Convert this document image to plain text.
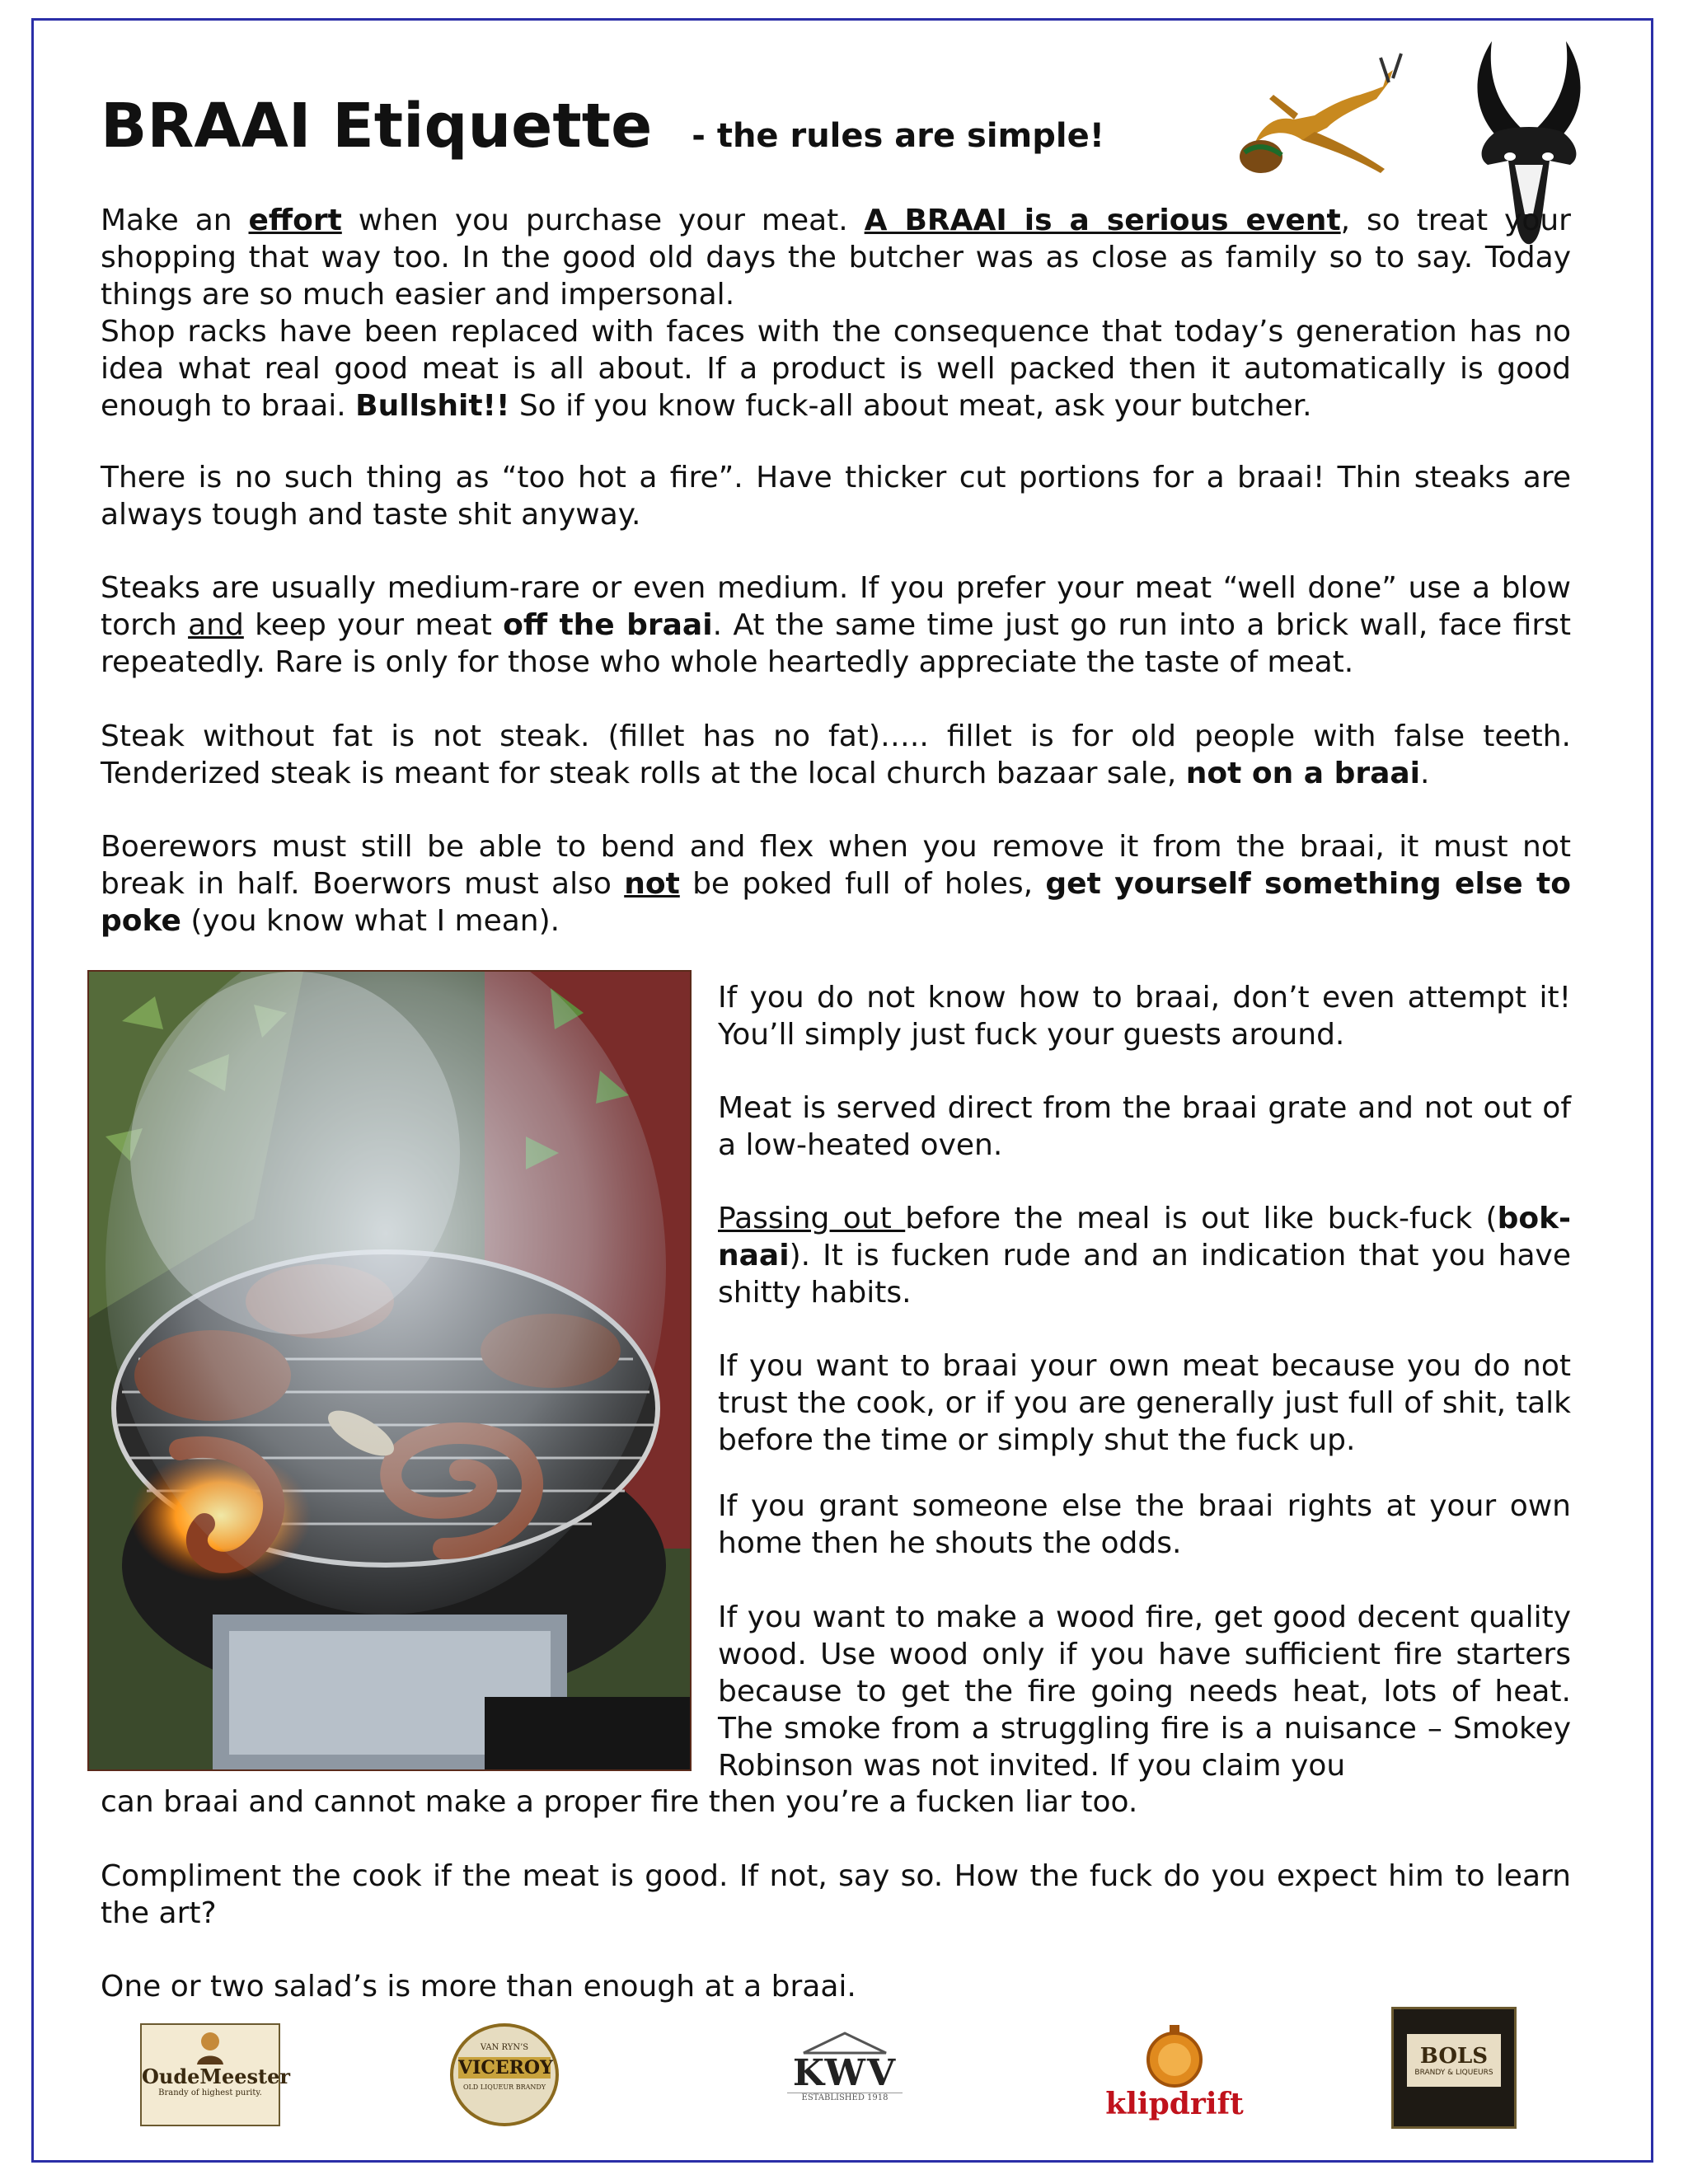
BRAAI Etiquette - the rules are simple!

Make an effort when you purchase your meat. A BRAAI is a serious event, so treat your shopping that way too. In the good old days the butcher was as close as family so to say. Today things are so much easier and impersonal.

Shop racks have been replaced with faces with the consequence that today’s generation has no idea what real good meat is all about. If a product is well packed then it automatically is good enough to braai. Bullshit!! So if you know fuck-all about meat, ask your butcher.

There is no such thing as “too hot a fire”. Have thicker cut portions for a braai! Thin steaks are always tough and taste shit anyway.

Steaks are usually medium-rare or even medium. If you prefer your meat “well done” use a blow torch and keep your meat off the braai. At the same time just go run into a brick wall, face first repeatedly. Rare is only for those who whole heartedly appreciate the taste of meat.

Steak without fat is not steak. (fillet has no fat)….. fillet is for old people with false teeth. Tenderized steak is meant for steak rolls at the local church bazaar sale, not on a braai.

Boerewors must still be able to bend and flex when you remove it from the braai, it must not break in half. Boerwors must also not be poked full of holes, get yourself something else to poke (you know what I mean).

If you do not know how to braai, don’t even attempt it! You’ll simply just fuck your guests around.

Meat is served direct from the braai grate and not out of a low-heated oven.

Passing out before the meal is out like buck-fuck (bok-naai). It is fucken rude and an indication that you have shitty habits.

If you want to braai your own meat because you do not trust the cook, or if you are generally just full of shit, talk before the time or simply shut the fuck up.

If you grant someone else the braai rights at your own home then he shouts the odds.

If you want to make a wood fire, get good decent quality wood. Use wood only if you have sufficient fire starters because to get the fire going needs heat, lots of heat. The smoke from a struggling fire is a nuisance – Smokey Robinson was not invited. If you claim you

can braai and cannot make a proper fire then you’re a fucken liar too.

Compliment the cook if the meat is good. If not, say so. How the fuck do you expect him to learn the art?

One or two salad’s is more than enough at a braai.

OudeMeester
Brandy of highest purity.
VAN RYN’S
VICEROY
OLD LIQUEUR BRANDY	KWV
ESTABLISHED 1918	klipdrift
BOLS
BRANDY & LIQUEURS
